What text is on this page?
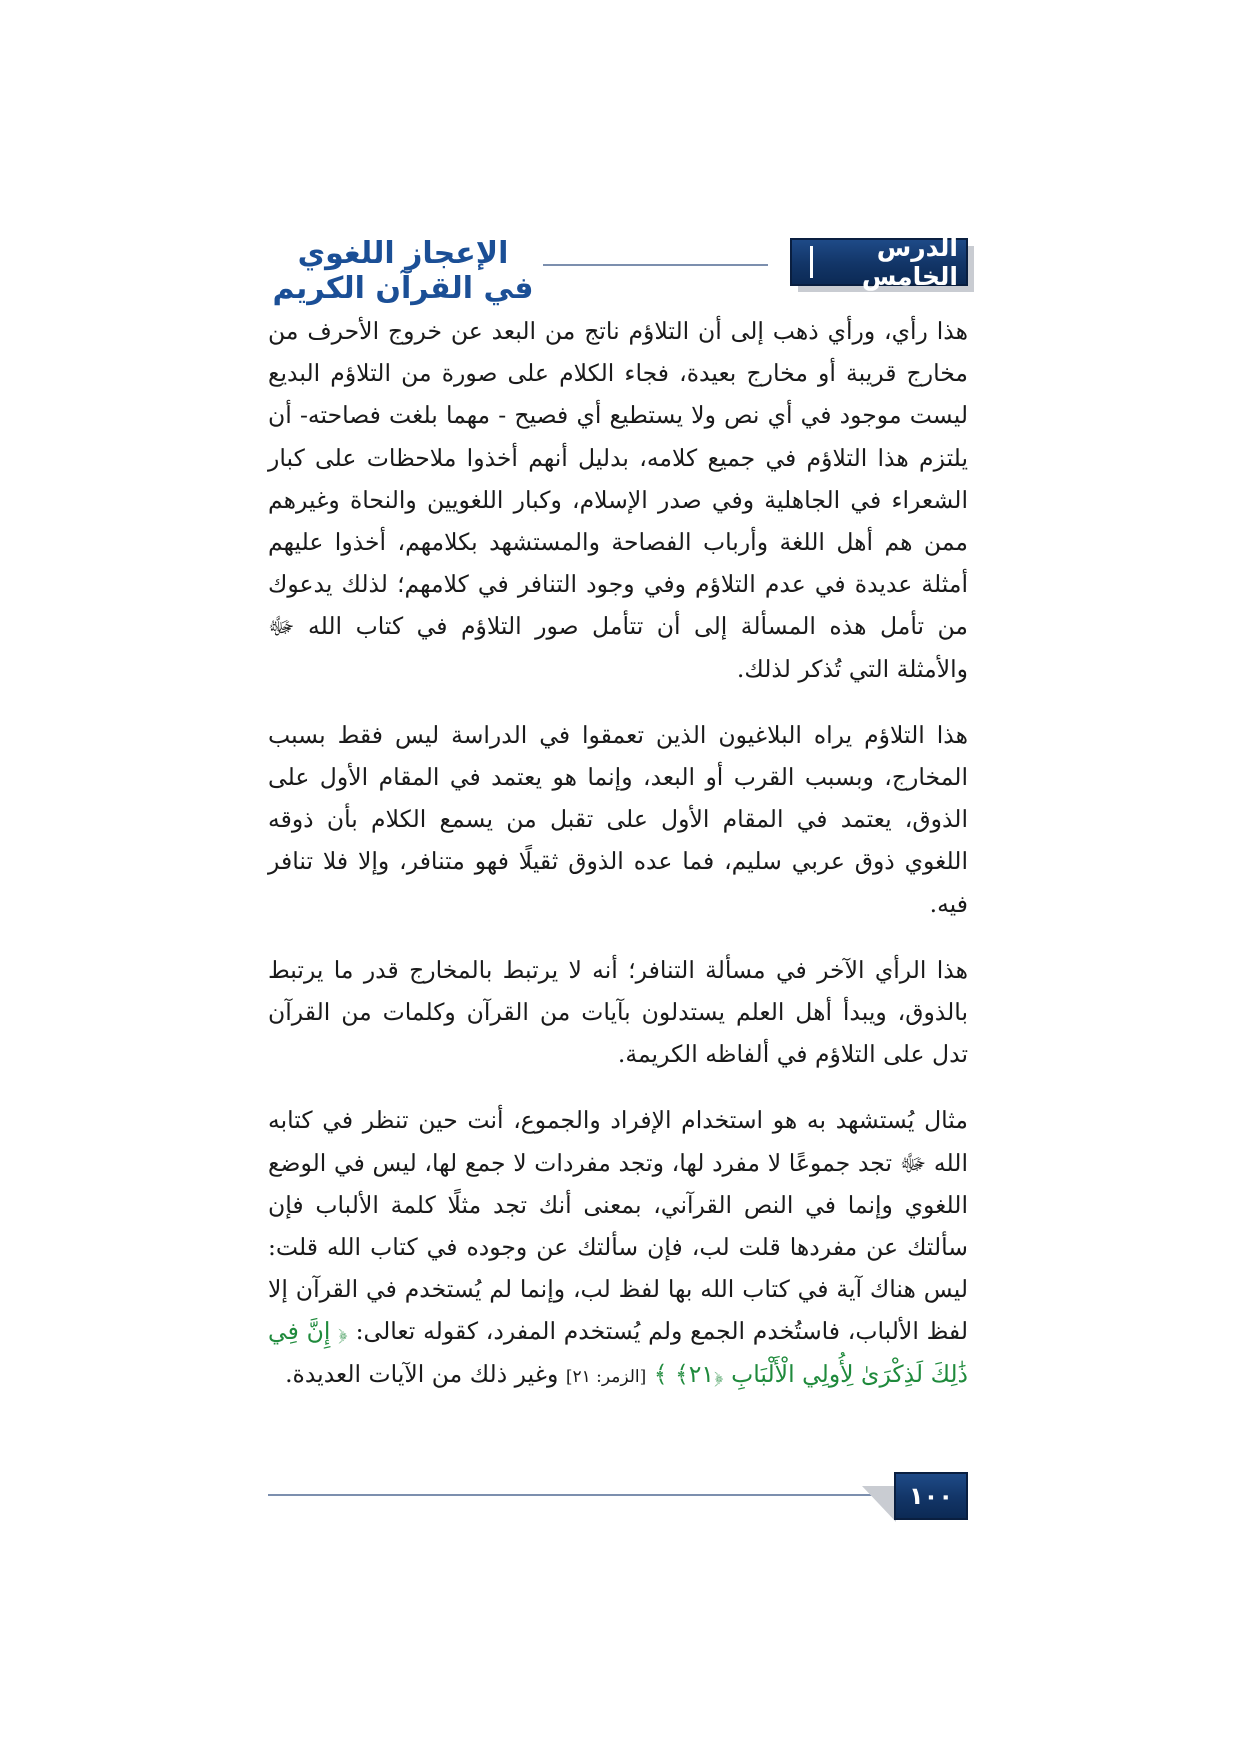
الدرس الخامس
الإعجاز اللغوي في القرآن الكريم

هذا رأي، ورأي ذهب إلى أن التلاؤم ناتج من البعد عن خروج الأحرف من مخارج قريبة أو مخارج بعيدة، فجاء الكلام على صورة من التلاؤم البديع ليست موجود في أي نص ولا يستطيع أي فصيح - مهما بلغت فصاحته- أن يلتزم هذا التلاؤم في جميع كلامه، بدليل أنهم أخذوا ملاحظات على كبار الشعراء في الجاهلية وفي صدر الإسلام، وكبار اللغويين والنحاة وغيرهم ممن هم أهل اللغة وأرباب الفصاحة والمستشهد بكلامهم، أخذوا عليهم أمثلة عديدة في عدم التلاؤم وفي وجود التنافر في كلامهم؛ لذلك يدعوك من تأمل هذه المسألة إلى أن تتأمل صور التلاؤم في كتاب الله ﷻ والأمثلة التي تُذكر لذلك.

هذا التلاؤم يراه البلاغيون الذين تعمقوا في الدراسة ليس فقط بسبب المخارج، وبسبب القرب أو البعد، وإنما هو يعتمد في المقام الأول على الذوق، يعتمد في المقام الأول على تقبل من يسمع الكلام بأن ذوقه اللغوي ذوق عربي سليم، فما عده الذوق ثقيلًا فهو متنافر، وإلا فلا تنافر فيه.

هذا الرأي الآخر في مسألة التنافر؛ أنه لا يرتبط بالمخارج قدر ما يرتبط بالذوق، ويبدأ أهل العلم يستدلون بآيات من القرآن وكلمات من القرآن تدل على التلاؤم في ألفاظه الكريمة.

مثال يُستشهد به هو استخدام الإفراد والجموع، أنت حين تنظر في كتابه الله ﷻ تجد جموعًا لا مفرد لها، وتجد مفردات لا جمع لها، ليس في الوضع اللغوي وإنما في النص القرآني، بمعنى أنك تجد مثلًا كلمة الألباب فإن سألتك عن مفردها قلت لب، فإن سألتك عن وجوده في كتاب الله قلت: ليس هناك آية في كتاب الله بها لفظ لب، وإنما لم يُستخدم في القرآن إلا لفظ الألباب، فاستُخدم الجمع ولم يُستخدم المفرد، كقوله تعالى: ﴿ إِنَّ فِي ذَٰلِكَ لَذِكْرَىٰ لِأُولِي الْأَلْبَابِ ﴿٢١﴾ ﴾ [الزمر: ٢١] وغير ذلك من الآيات العديدة.

١٠٠
